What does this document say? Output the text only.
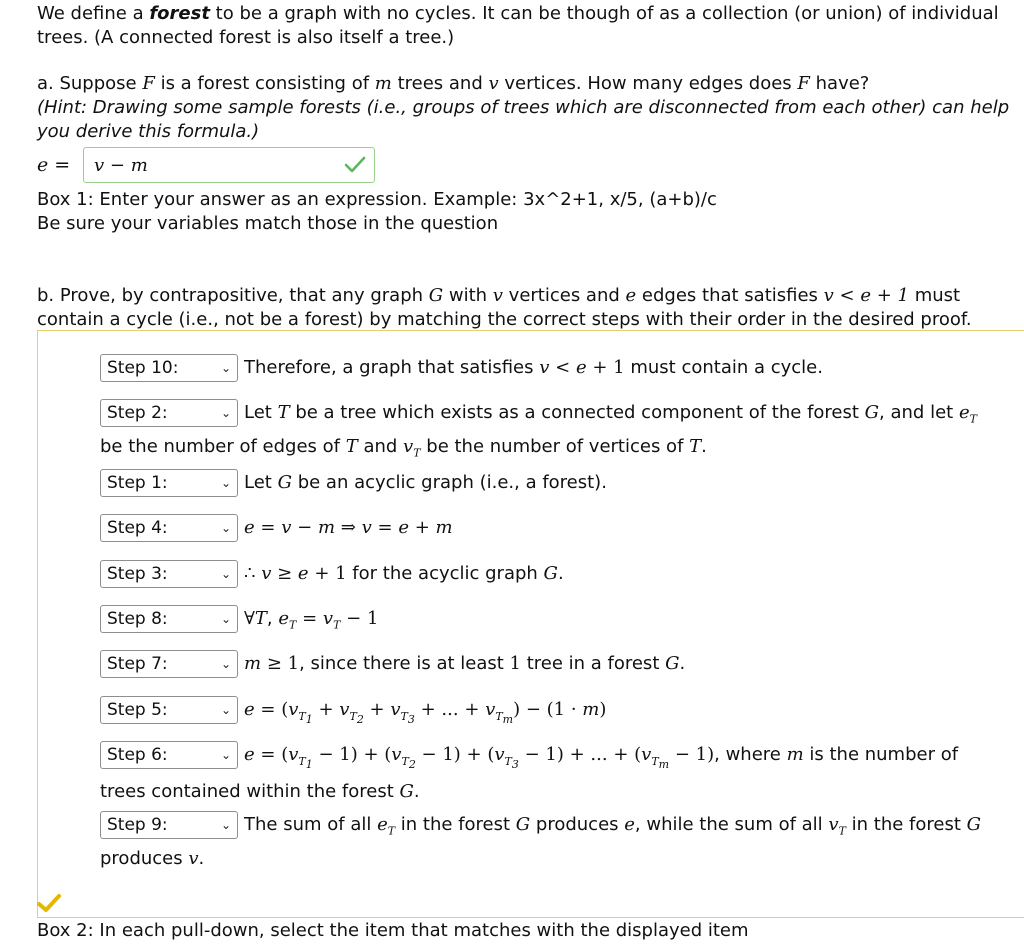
We define a forest to be a graph with no cycles. It can be though of as a collection (or union) of individual trees. (A connected forest is also itself a tree.)
a. Suppose F is a forest consisting of m trees and v vertices. How many edges does F have?
(Hint: Drawing some sample forests (i.e., groups of trees which are disconnected from each other) can help you derive this formula.)
e =	v − m
Box 1: Enter your answer as an expression. Example: 3x^2+1, x/5, (a+b)/c
Be sure your variables match those in the question
b. Prove, by contrapositive, that any graph G with v vertices and e edges that satisfies v < e + 1 must contain a cycle (i.e., not be a forest) by matching the correct steps with their order in the desired proof.
Step 10:	⌄ Therefore, a graph that satisfies v < e + 1 must contain a cycle.
Step 2:	⌄ Let T be a tree which exists as a connected component of the forest G, and let $e_T$ be the number of edges of T and $v_T$ be the number of vertices of T.
Step 1:	⌄ Let G be an acyclic graph (i.e., a forest).
Step 4:	⌄ e = v − m ⇒ v = e + m
Step 3:	⌄ ∴ v ≥ e + 1 for the acyclic graph G.
Step 8:	⌄ ∀T, $e_T = v_T - 1$
Step 7:	⌄ m ≥ 1, since there is at least 1 tree in a forest G.
Step 5:	⌄ $e = (v_{T_1} + v_{T_2} + v_{T_3}$ + ... + $v_{T_m}) - (1 \cdot m)$
Step 6:	⌄ $e = (v_{T_1} - 1) + (v_{T_2} - 1) + (v_{T_3} - 1)$ + ... + $(v_{T_m} - 1)$, where m is the number of trees contained within the forest G.
Step 9:	⌄ The sum of all $e_T$ in the forest G produces e, while the sum of all $v_T$ in the forest G produces v.
Box 2: In each pull-down, select the item that matches with the displayed item
